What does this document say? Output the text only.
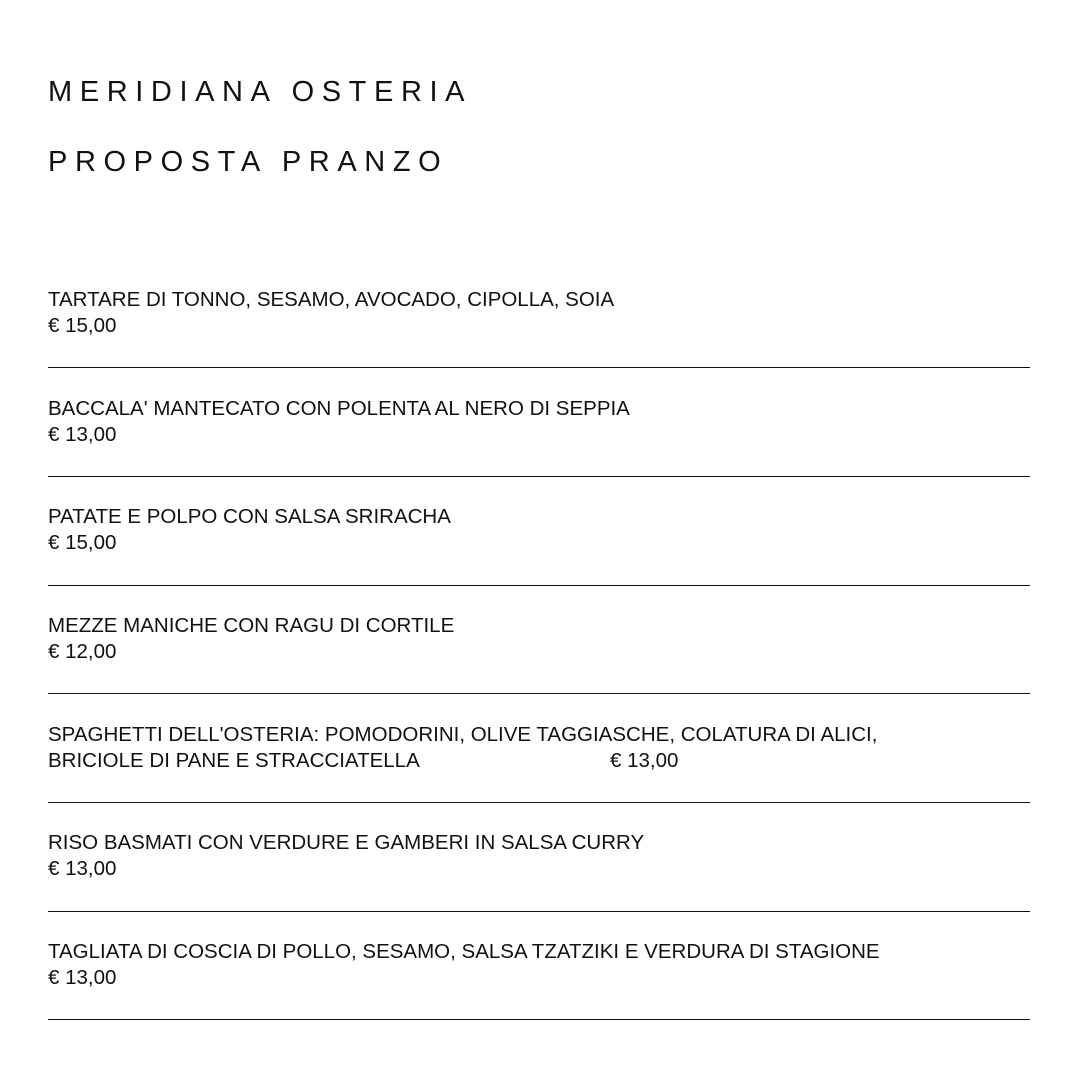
MERIDIANA OSTERIA
PROPOSTA PRANZO
TARTARE DI TONNO, SESAMO, AVOCADO, CIPOLLA, SOIA
€ 15,00
BACCALA' MANTECATO CON POLENTA AL NERO DI SEPPIA
€ 13,00
PATATE E POLPO CON SALSA SRIRACHA
€ 15,00
MEZZE MANICHE CON RAGU DI CORTILE
€ 12,00
SPAGHETTI DELL'OSTERIA: POMODORINI, OLIVE TAGGIASCHE, COLATURA DI ALICI,
BRICIOLE DI PANE E STRACCIATELLA	€ 13,00
RISO BASMATI CON VERDURE E GAMBERI IN SALSA CURRY
€ 13,00
TAGLIATA DI COSCIA DI POLLO, SESAMO, SALSA TZATZIKI E VERDURA DI STAGIONE
€ 13,00
